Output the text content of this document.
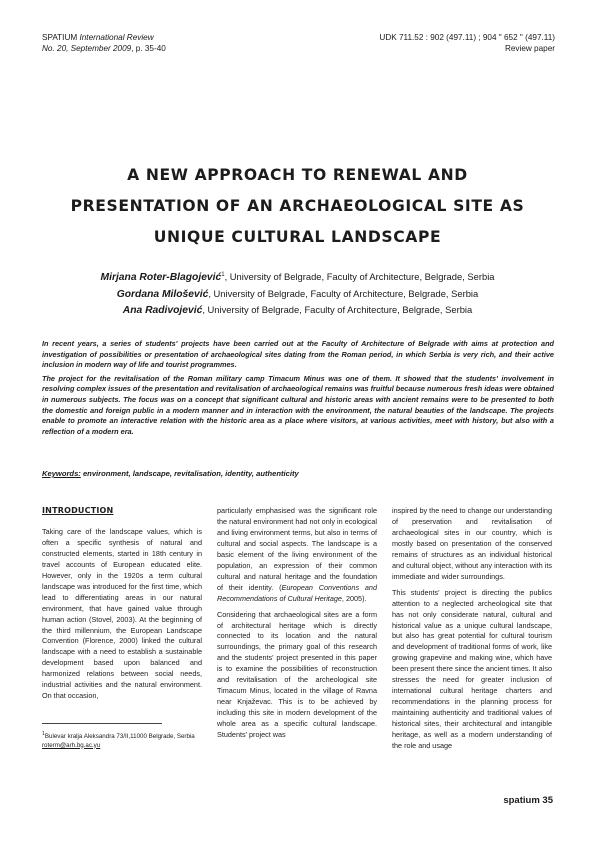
SPATIUM International Review
No. 20, September 2009, p. 35-40
UDK 711.52 : 902 (497.11) ; 904 " 652 " (497.11)
Review paper
A NEW APPROACH TO RENEWAL AND
PRESENTATION OF AN ARCHAEOLOGICAL SITE AS
UNIQUE CULTURAL LANDSCAPE
Mirjana Roter-Blagojević$^1$, University of Belgrade, Faculty of Architecture, Belgrade, Serbia
Gordana Milošević, University of Belgrade, Faculty of Architecture, Belgrade, Serbia
Ana Radivojević, University of Belgrade, Faculty of Architecture, Belgrade, Serbia

In recent years, a series of students' projects have been carried out at the Faculty of Architecture of Belgrade with aims at protection and investigation of possibilities or presentation of archaeological sites dating from the Roman period, in which Serbia is very rich, and their active inclusion in modern way of life and tourist programmes.

The project for the revitalisation of the Roman military camp Timacum Minus was one of them. It showed that the students' involvement in resolving complex issues of the presentation and revitalisation of archaeological remains was fruitful because numerous fresh ideas were obtained in numerous subjects. The focus was on a concept that significant cultural and historic areas with ancient remains were to be presented to both the domestic and foreign public in a modern manner and in interaction with the environment, the natural beauties of the landscape. The projects enable to promote an interactive relation with the historic area as a place where visitors, at various activities, meet with history, but also with a reflection of a modern era.

Keywords: environment, landscape, revitalisation, identity, authenticity
INTRODUCTION

Taking care of the landscape values, which is often a specific synthesis of natural and constructed elements, started in 18th century in travel accounts of European educated elite. However, only in the 1920s a term cultural landscape was introduced for the first time, which lead to differentiating areas in our natural environment, that have gained value through human action (Stovel, 2003). At the beginning of the third millennium, the European Landscape Convention (Florence, 2000) linked the cultural landscape with a need to establish a sustainable development based upon balanced and harmonized relations between social needs, industrial activities and the natural environment. On that occasion,

particularly emphasised was the significant role the natural environment had not only in ecological and living environment terms, but also in terms of cultural and social aspects. The landscape is a basic element of the living environment of the population, an expression of their common cultural and natural heritage and the foundation of their identity. (European Conventions and Recommendations of Cultural Heritage, 2005).

Considering that archaeological sites are a form of architectural heritage which is directly connected to its location and the natural surroundings, the primary goal of this research and the students' project presented in this paper is to examine the possibilities of reconstruction and revitalisation of the archeological site Timacum Minus, located in the village of Ravna near Knjaževac. This is to be achieved by including this site in modern development of the whole area as a specific cultural landscape. Students' project was

inspired by the need to change our understanding of preservation and revitalisation of archaeological sites in our country, which is mostly based on presentation of the conserved remains of structures as an individual historical and cultural object, without any interaction with its immediate and wider surroundings.

This students' project is directing the publics attention to a neglected archeological site that has not only considerate natural, cultural and historical value as a unique cultural landscape, but also has great potential for cultural tourism and development of traditional forms of work, like growing grapevine and making wine, which have been present there since the ancient times. It also stresses the need for greater inclusion of international cultural heritage charters and recommendations in the planning process for maintaining authenticity and traditional values of historical sites, their architectural and intangible heritage, as well as a modern understanding of the role and usage

$^1$Bulevar kralja Aleksandra 73/II,11000 Belgrade, Serbia
roterm@arh.bg.ac.yu
spatium 35
